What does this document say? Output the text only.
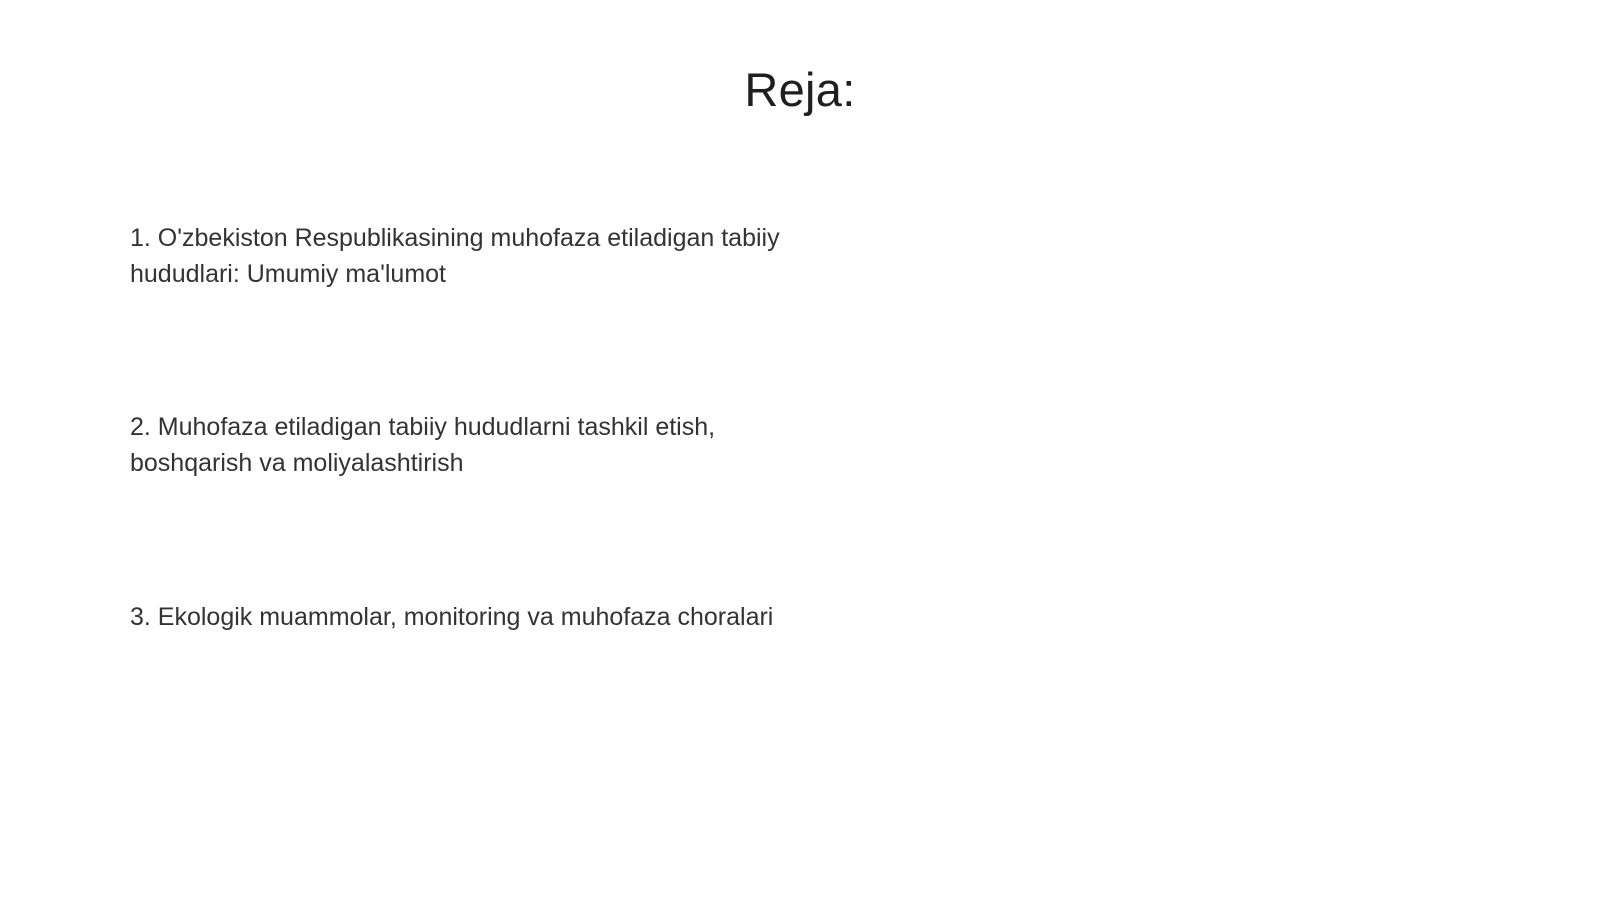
Reja:

1. O'zbekiston Respublikasining muhofaza etiladigan tabiiy hududlari: Umumiy ma'lumot

2. Muhofaza etiladigan tabiiy hududlarni tashkil etish, boshqarish va moliyalashtirish

3. Ekologik muammolar, monitoring va muhofaza choralari
